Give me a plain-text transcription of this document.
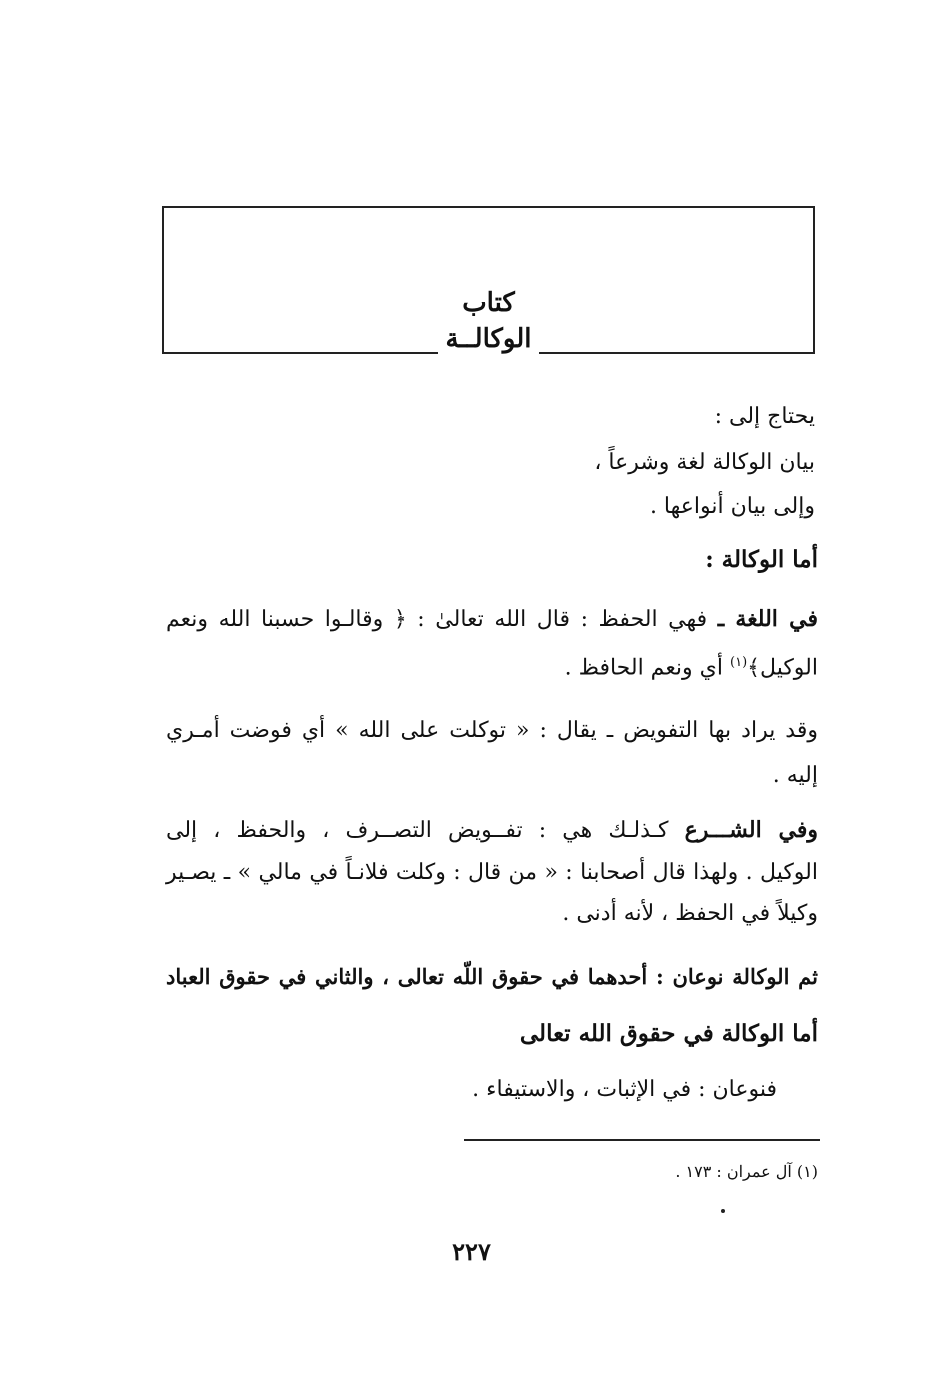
كتاب
الوكالــة
يحتاج إلى :
بيان الوكالة لغة وشرعاً ،
وإلى بيان أنواعها .
أما الوكالة :
في اللغة ـ فهي الحفظ : قال الله تعالىٰ : ﴿ وقالـوا حسبنا الله ونعم
الوكيل﴾$^{(١)}$ أي ونعم الحافظ .
وقد يراد بها التفويض ـ يقال : « توكلت على الله » أي فوضت أمـري
إليه .
وفي الشـــرع كـذلـك هي : تفــويض التصــرف ، والحفظ ، إلى
الوكيل . ولهذا قال أصحابنا : « من قال : وكلت فلانـاً في مالي » ـ يصـير
وكيلاً في الحفظ ، لأنه أدنى .
ثم الوكالة نوعان : أحدهما في حقوق اللّه تعالى ، والثاني في حقوق العباد
أما الوكالة في حقوق الله تعالى
فنوعان : في الإثبات ، والاستيفاء .
(١) آل عمران : ١٧٣ .
٢٢٧
